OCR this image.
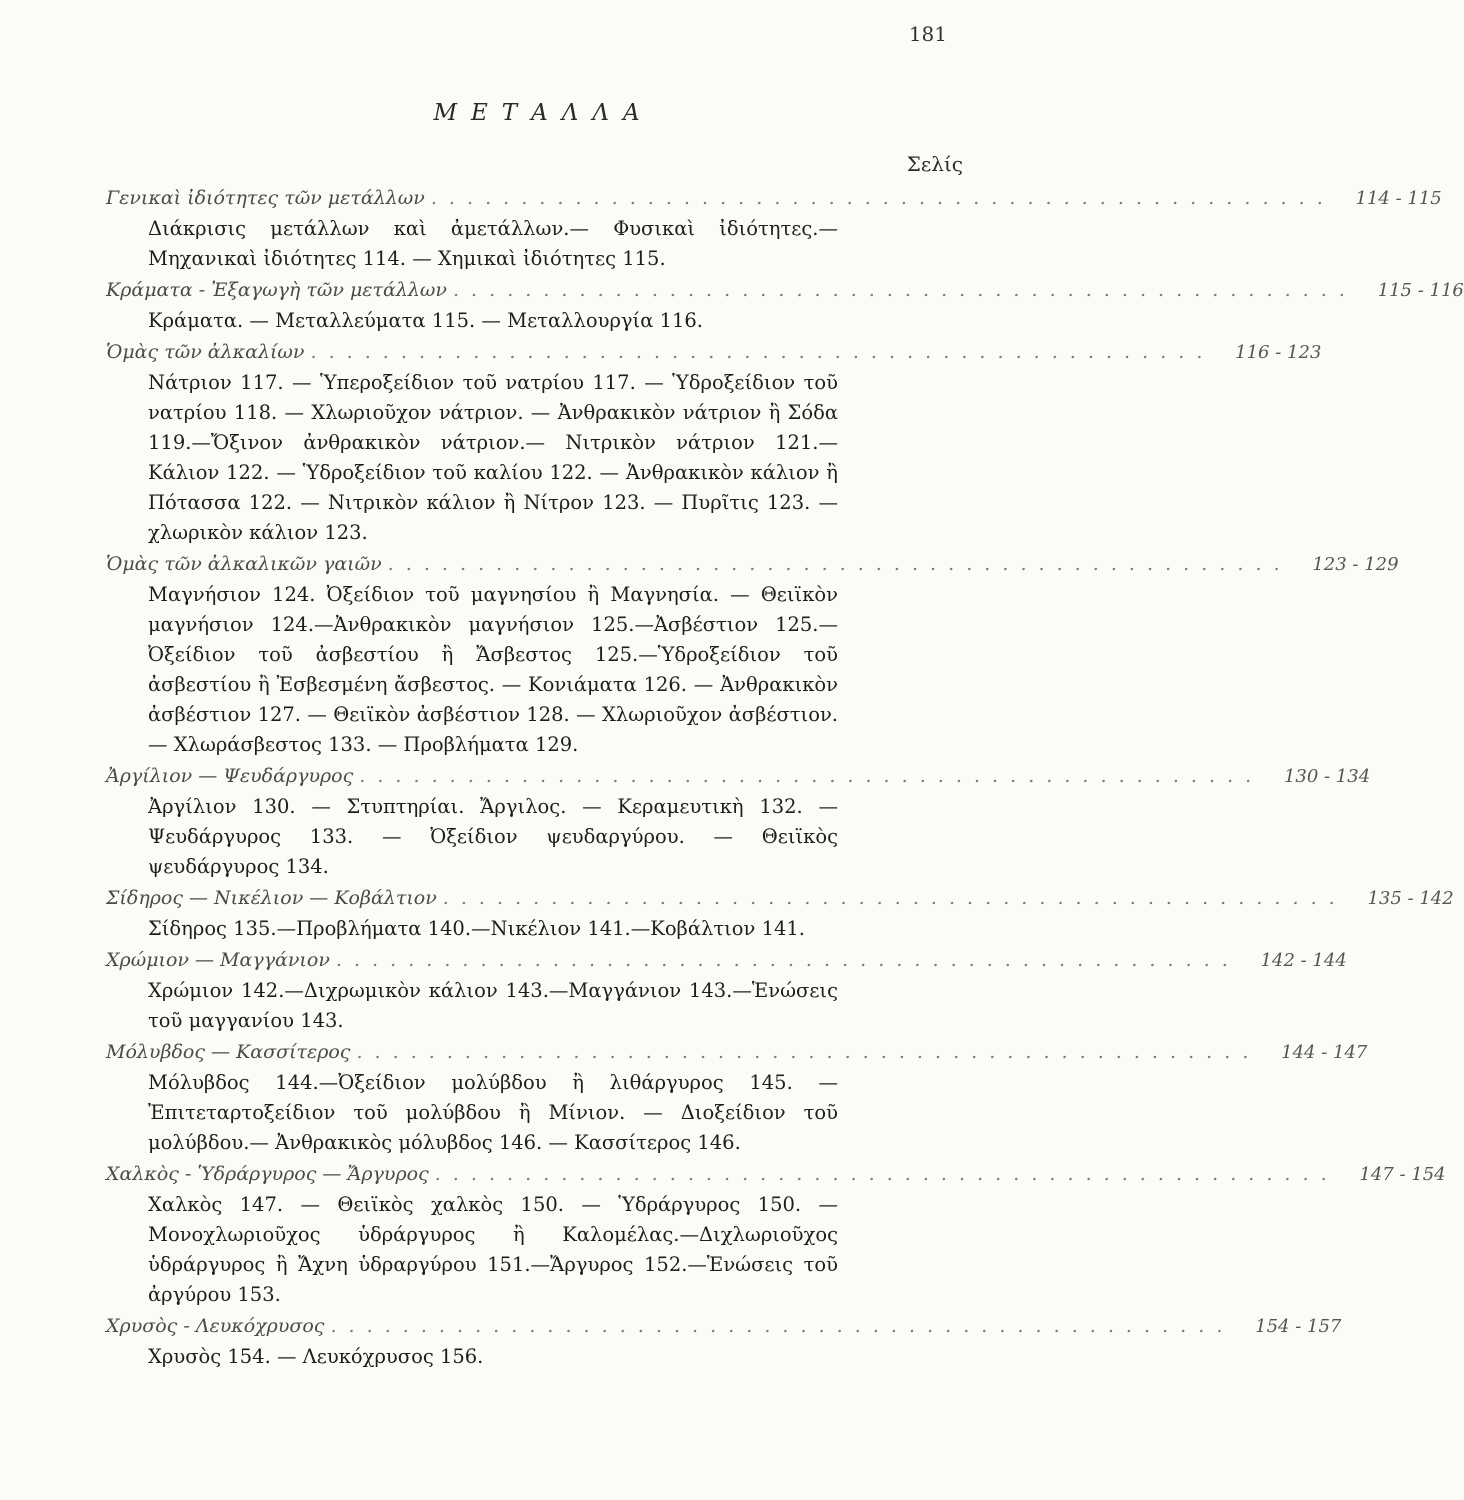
181
ΜΕΤΑΛΛΑ
Σελίς
Γενικαὶ ἰδιότητες τῶν μετάλλων . . . . . . . . . . . . . . . . . . . . . . . . . . . . . . . . . . . . . . . . . . . . . . . . . .	114 - 115
Διάκρισις μετάλλων καὶ ἀμετάλλων.— Φυσικαὶ ἰδιότητες.— Μηχανικαὶ ἰδιότητες 114. — Χημικαὶ ἰδιότητες 115.
Κράματα - Ἐξαγωγὴ τῶν μετάλλων . . . . . . . . . . . . . . . . . . . . . . . . . . . . . . . . . . . . . . . . . . . . . . . . . .	115 - 116
Κράματα. — Μεταλλεύματα 115. — Μεταλλουργία 116.
Ὁμὰς τῶν ἀλκαλίων . . . . . . . . . . . . . . . . . . . . . . . . . . . . . . . . . . . . . . . . . . . . . . . . . .	116 - 123
Νάτριον 117. — Ὑπεροξείδιον τοῦ νατρίου 117. — Ὑδροξείδιον τοῦ νατρίου 118. — Χλωριοῦχον νάτριον. — Ἀνθρακικὸν νάτριον ἢ Σόδα 119.—Ὄξινον ἀνθρακικὸν νάτριον.— Νιτρικὸν νάτριον 121.— Κάλιον 122. — Ὑδροξείδιον τοῦ καλίου 122. — Ἀνθρακικὸν κάλιον ἢ Πότασσα 122. — Νιτρικὸν κάλιον ἢ Νίτρον 123. — Πυρῖτις 123. — χλωρικὸν κάλιον 123.
Ὁμὰς τῶν ἀλκαλικῶν γαιῶν . . . . . . . . . . . . . . . . . . . . . . . . . . . . . . . . . . . . . . . . . . . . . . . . . .	123 - 129
Μαγνήσιον 124. Ὀξείδιον τοῦ μαγνησίου ἢ Μαγνησία. — Θειϊκὸν μαγνήσιον 124.—Ἀνθρακικὸν μαγνήσιον 125.—Ἀσβέστιον 125.— Ὀξείδιον τοῦ ἀσβεστίου ἢ Ἄσβεστος 125.—Ὑδροξείδιον τοῦ ἀσβεστίου ἢ Ἐσβεσμένη ἄσβεστος. — Κονιάματα 126. — Ἀνθρακικὸν ἀσβέστιον 127. — Θειϊκὸν ἀσβέστιον 128. — Χλωριοῦχον ἀσβέστιον. — Χλωράσβεστος 133. — Προβλήματα 129.
Ἀργίλιον — Ψευδάργυρος . . . . . . . . . . . . . . . . . . . . . . . . . . . . . . . . . . . . . . . . . . . . . . . . . .	130 - 134
Ἀργίλιον 130. — Στυπτηρίαι. Ἄργιλος. — Κεραμευτικὴ 132. — Ψευδάργυρος 133. — Ὀξείδιον ψευδαργύρου. — Θειϊκὸς ψευδάργυρος 134.
Σίδηρος — Νικέλιον — Κοβάλτιον . . . . . . . . . . . . . . . . . . . . . . . . . . . . . . . . . . . . . . . . . . . . . . . . . .	135 - 142
Σίδηρος 135.—Προβλήματα 140.—Νικέλιον 141.—Κοβάλτιον 141.
Χρώμιον — Μαγγάνιον . . . . . . . . . . . . . . . . . . . . . . . . . . . . . . . . . . . . . . . . . . . . . . . . . .	142 - 144
Χρώμιον 142.—Διχρωμικὸν κάλιον 143.—Μαγγάνιον 143.—Ἑνώσεις τοῦ μαγγανίου 143.
Μόλυβδος — Κασσίτερος . . . . . . . . . . . . . . . . . . . . . . . . . . . . . . . . . . . . . . . . . . . . . . . . . .	144 - 147
Μόλυβδος 144.—Ὀξείδιον μολύβδου ἢ λιθάργυρος 145. — Ἐπιτεταρτοξείδιον τοῦ μολύβδου ἢ Μίνιον. — Διοξείδιον τοῦ μολύβδου.— Ἀνθρακικὸς μόλυβδος 146. — Κασσίτερος 146.
Χαλκὸς - Ὑδράργυρος — Ἄργυρος . . . . . . . . . . . . . . . . . . . . . . . . . . . . . . . . . . . . . . . . . . . . . . . . . .	147 - 154
Χαλκὸς 147. — Θειϊκὸς χαλκὸς 150. — Ὑδράργυρος 150. — Μονοχλωριοῦχος ὑδράργυρος ἢ Καλομέλας.—Διχλωριοῦχος ὑδράργυρος ἢ Ἄχνη ὑδραργύρου 151.—Ἄργυρος 152.—Ἑνώσεις τοῦ ἀργύρου 153.
Χρυσὸς - Λευκόχρυσος . . . . . . . . . . . . . . . . . . . . . . . . . . . . . . . . . . . . . . . . . . . . . . . . . .	154 - 157
Χρυσὸς 154. — Λευκόχρυσος 156.
